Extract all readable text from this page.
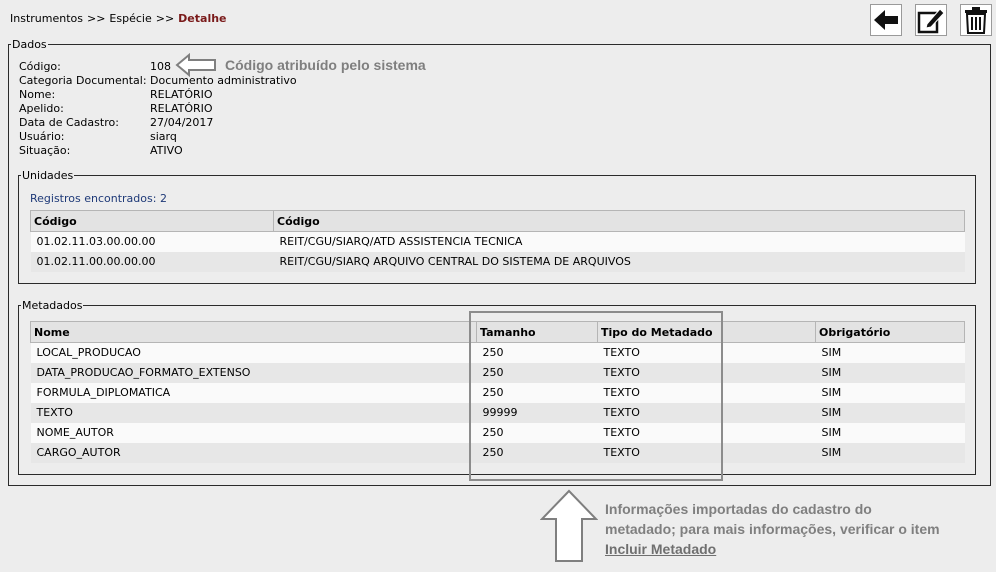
Instrumentos >> Espécie >> Detalhe
Dados
Código:	108
Categoria Documental: Documento administrativo
Nome:	RELATÓRIO
Apelido:	RELATÓRIO
Data de Cadastro:	27/04/2017
Usuário:	siarq
Situação:	ATIVO
Código atribuído pelo sistema
Unidades
Registros encontrados: 2
Código	Código
01.02.11.03.00.00.00	REIT/CGU/SIARQ/ATD ASSISTENCIA TECNICA
01.02.11.00.00.00.00	REIT/CGU/SIARQ ARQUIVO CENTRAL DO SISTEMA DE ARQUIVOS
Metadados
Nome	Tamanho	Tipo do Metadado	Obrigatório
LOCAL_PRODUCAO	250	TEXTO	SIM
DATA_PRODUCAO_FORMATO_EXTENSO	250	TEXTO	SIM
FORMULA_DIPLOMATICA	250	TEXTO	SIM
TEXTO	99999	TEXTO	SIM
NOME_AUTOR	250	TEXTO	SIM
CARGO_AUTOR	250	TEXTO	SIM
Informações importadas do cadastro do metadado; para mais informações, verificar o item Incluir Metadado
